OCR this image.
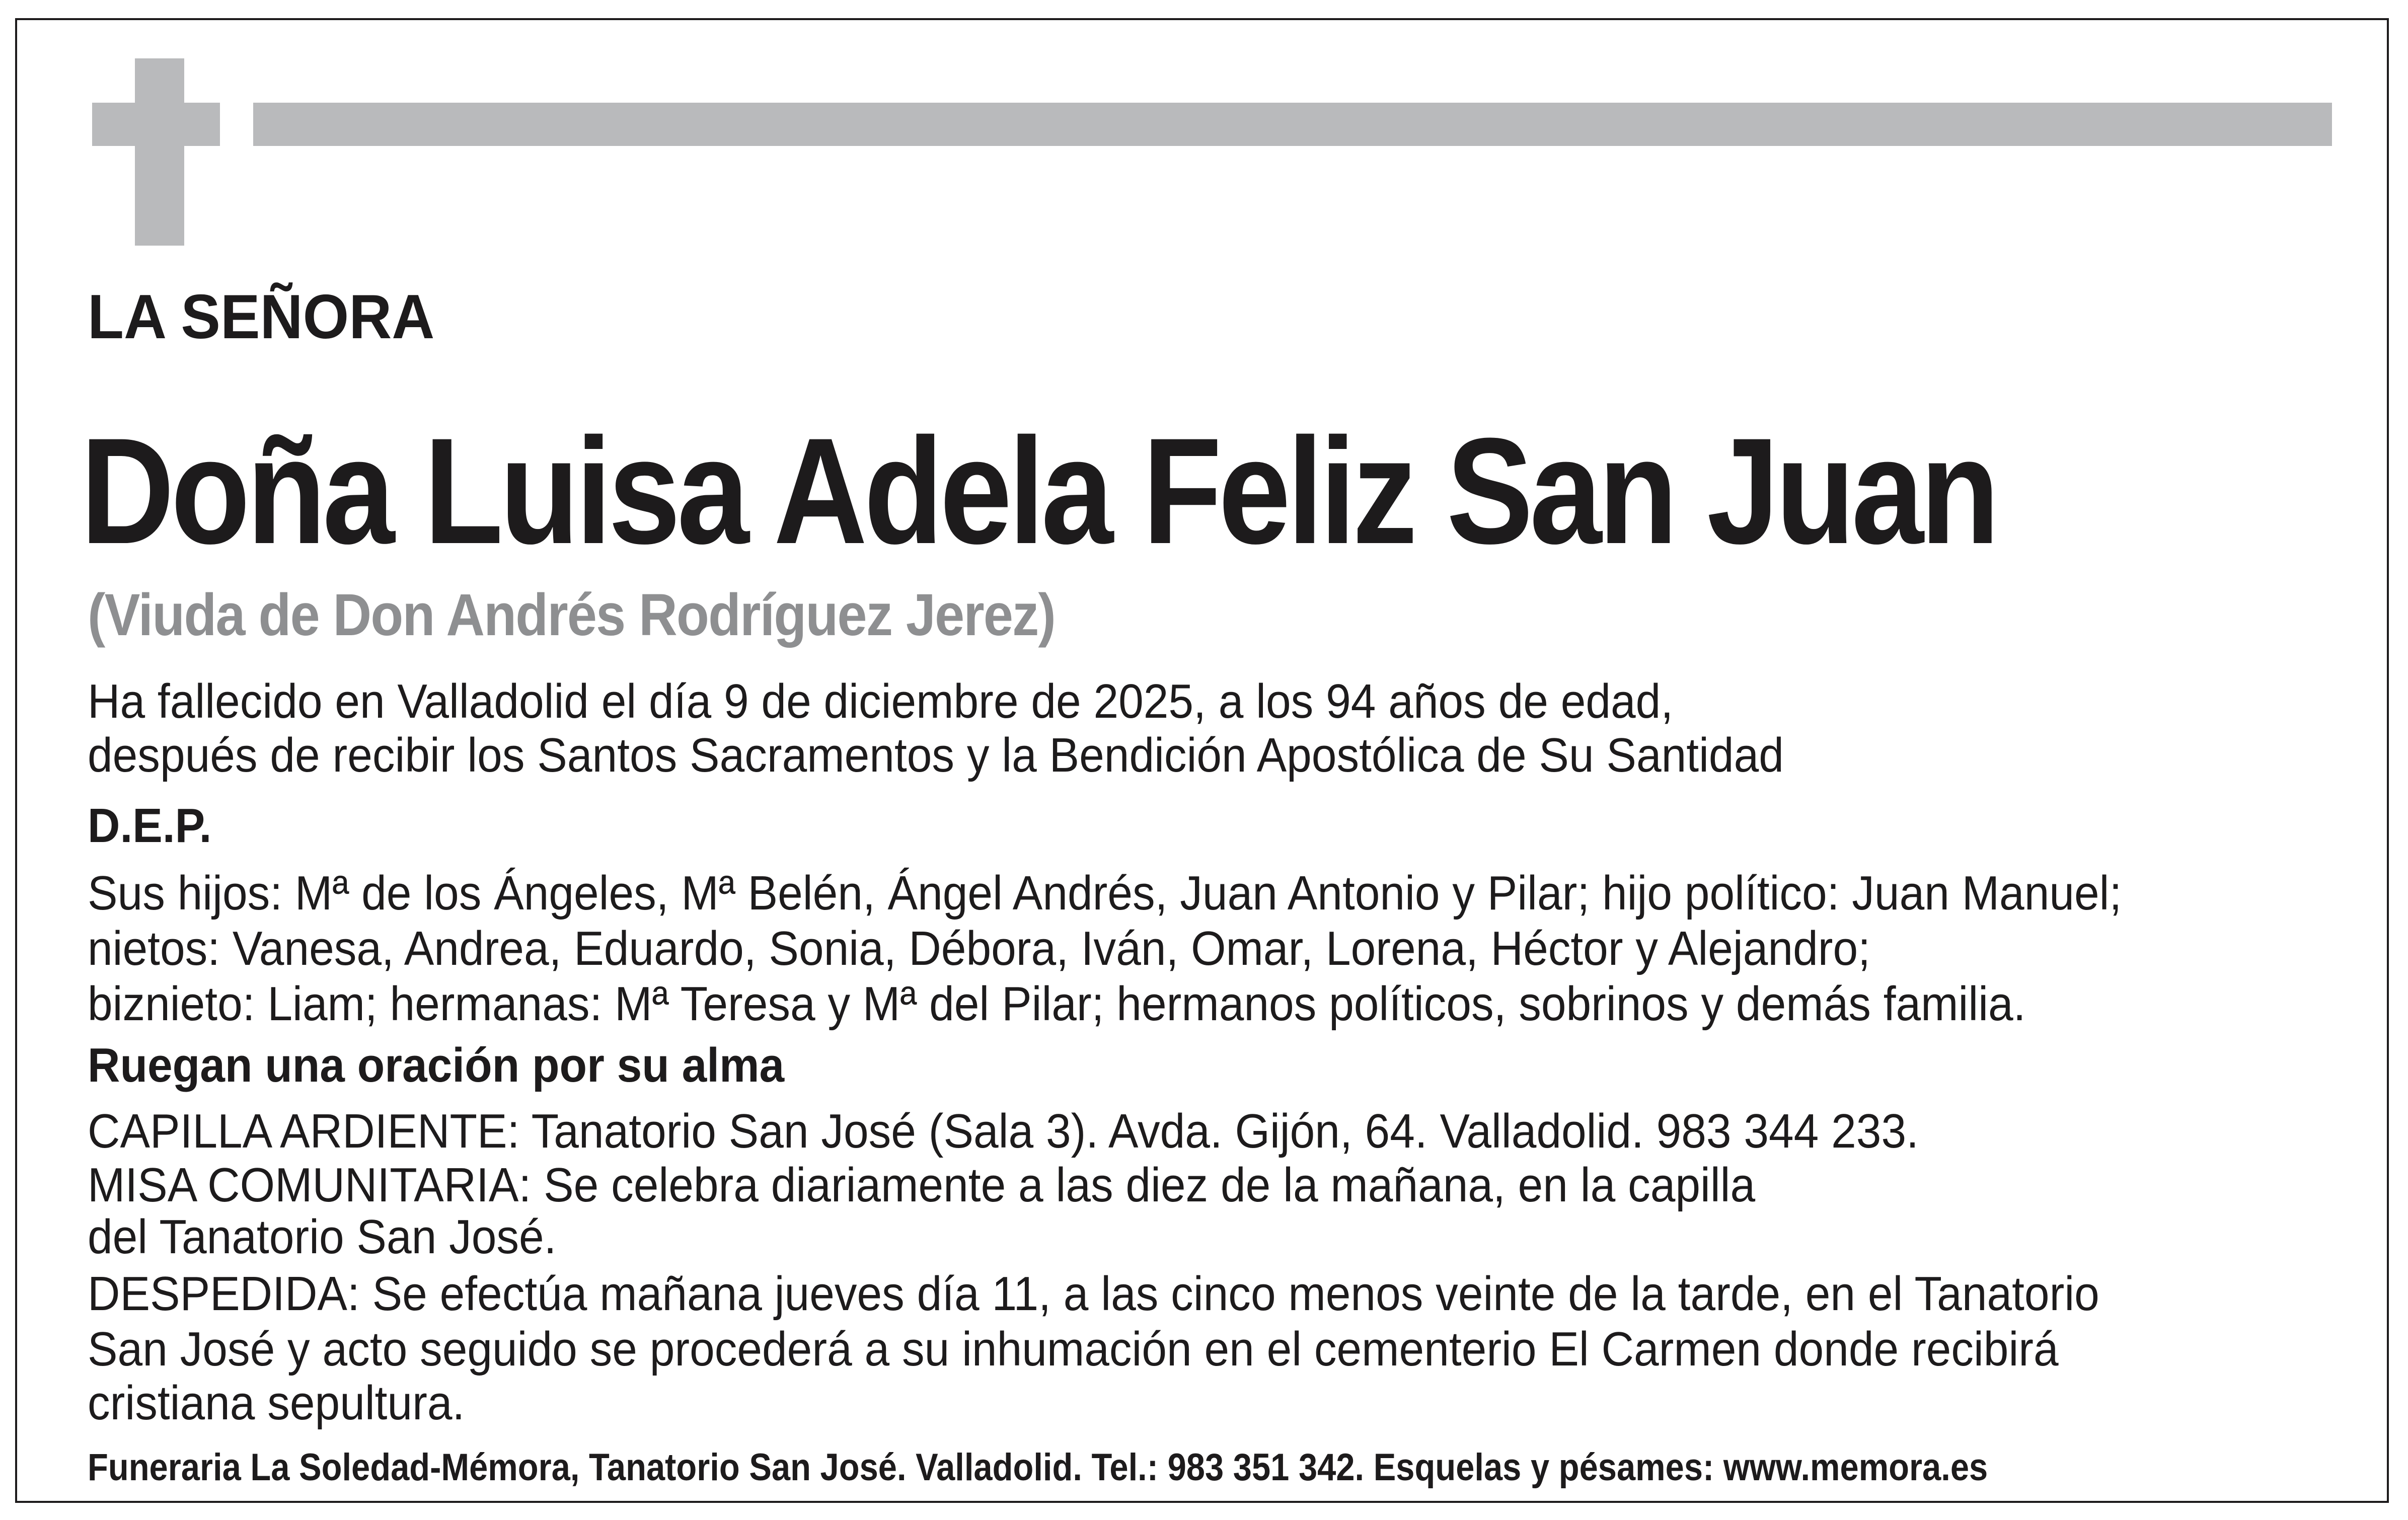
LA SEÑORA
Doña Luisa Adela Feliz San Juan
(Viuda de Don Andrés Rodríguez Jerez)
Ha fallecido en Valladolid el día 9 de diciembre de 2025, a los 94 años de edad,
después de recibir los Santos Sacramentos y la Bendición Apostólica de Su Santidad
D.E.P.
Sus hijos: Mª de los Ángeles, Mª Belén, Ángel Andrés, Juan Antonio y Pilar; hijo político: Juan Manuel;
nietos: Vanesa, Andrea, Eduardo, Sonia, Débora, Iván, Omar, Lorena, Héctor y Alejandro;
biznieto: Liam; hermanas: Mª Teresa y Mª del Pilar; hermanos políticos, sobrinos y demás familia.
Ruegan una oración por su alma
CAPILLA ARDIENTE: Tanatorio San José (Sala 3). Avda. Gijón, 64. Valladolid. 983 344 233.
MISA COMUNITARIA: Se celebra diariamente a las diez de la mañana, en la capilla
del Tanatorio San José.
DESPEDIDA: Se efectúa mañana jueves día 11, a las cinco menos veinte de la tarde, en el Tanatorio
San José y acto seguido se procederá a su inhumación en el cementerio El Carmen donde recibirá
cristiana sepultura.
Funeraria La Soledad-Mémora, Tanatorio San José. Valladolid. Tel.: 983 351 342. Esquelas y pésames: www.memora.es
